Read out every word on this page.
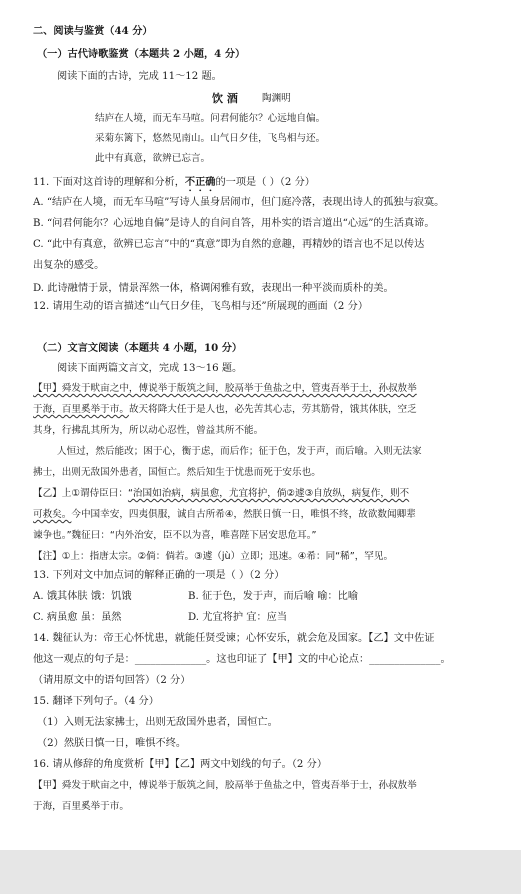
二、阅读与鉴赏（44 分）
（一）古代诗歌鉴赏（本题共 2 小题，4 分）
阅读下面的古诗，完成 11～12 题。
饮 酒	陶渊明
结庐在人境，而无车马喧。问君何能尔？心远地自偏。
采菊东篱下，悠然见南山。山气日夕佳，飞鸟相与还。
此中有真意，欲辨已忘言。
11. 下面对这首诗的理解和分析，不正确的一项是（ ）（2 分）
A. “结庐在人境，而无车马喧”写诗人虽身居闹市，但门庭冷落，表现出诗人的孤独与寂寞。
B. “问君何能尔？心远地自偏”是诗人的自问自答，用朴实的语言道出“心远”的生活真谛。
C. “此中有真意，欲辨已忘言”中的“真意”即为自然的意趣，再精妙的语言也不足以传达
出复杂的感受。
D. 此诗融情于景，情景浑然一体，格调闲雅有致，表现出一种平淡而质朴的美。
12. 请用生动的语言描述“山气日夕佳，飞鸟相与还”所展现的画面（2 分）
（二）文言文阅读（本题共 4 小题，10 分）
阅读下面两篇文言文，完成 13～16 题。
【甲】舜发于畎亩之中，傅说举于版筑之间，胶鬲举于鱼盐之中，管夷吾举于士，孙叔敖举
于海，百里奚举于市。故天将降大任于是人也，必先苦其心志，劳其筋骨，饿其体肤，空乏
其身，行拂乱其所为，所以动心忍性，曾益其所不能。
人恒过，然后能改；困于心，衡于虑，而后作；征于色，发于声，而后喻。入则无法家
拂士，出则无敌国外患者，国恒亡。然后知生于忧患而死于安乐也。
【乙】上①谓侍臣曰：“治国如治病，病虽愈，尤宜将护，倘②遽③自放纵，病复作，则不
可救矣。今中国幸安，四夷俱服，诚自古所希④，然朕日慎一日，唯惧不终，故欲数闻卿辈
谏争也。”魏征曰：“内外治安，臣不以为喜，唯喜陛下居安思危耳。”
【注】①上：指唐太宗。②倘：倘若。③遽（jù）立即；迅速。④希：同“稀”，罕见。
13. 下列对文中加点词的解释正确的一项是（ ）（2 分）
A. 饿其体肤 饿：饥饿	B. 征于色，发于声，而后喻 喻：比喻
C. 病虽愈 虽：虽然	D. 尤宜将护 宜：应当
14. 魏征认为：帝王心怀忧患，就能任贤受谏；心怀安乐，就会危及国家。【乙】文中佐证
他这一观点的句子是：______________。这也印证了【甲】文的中心论点：______________。
（请用原文中的语句回答）（2 分）
15. 翻译下列句子。（4 分）
（1）入则无法家拂士，出则无敌国外患者，国恒亡。
（2）然朕日慎一日，唯惧不终。
16. 请从修辞的角度赏析【甲】【乙】两文中划线的句子。（2 分）
【甲】舜发于畎亩之中，傅说举于版筑之间，胶鬲举于鱼盐之中，管夷吾举于士，孙叔敖举
于海，百里奚举于市。
